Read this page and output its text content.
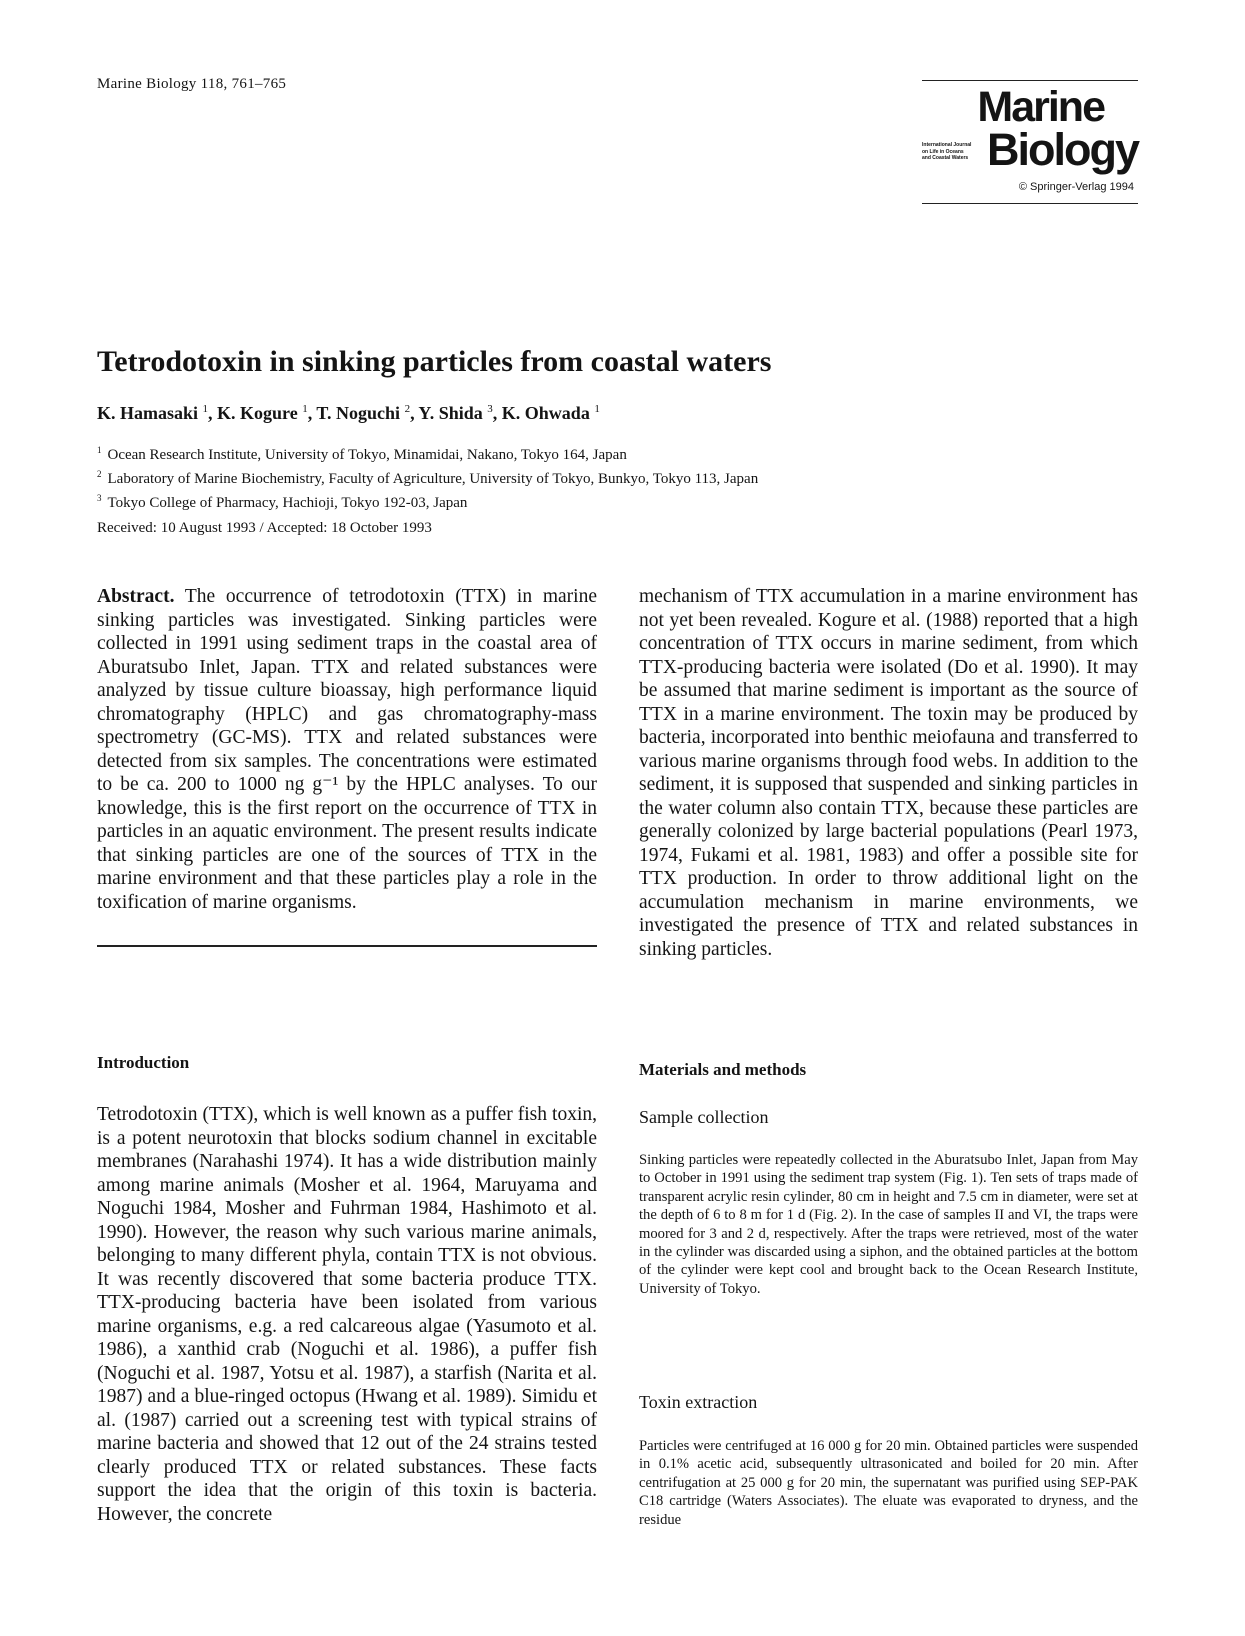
Marine Biology 118, 761–765	Marine
International Journal
on Life in Oceans
and Coastal Waters Biology
© Springer-Verlag 1994
Tetrodotoxin in sinking particles from coastal waters
K. Hamasaki $^1$, K. Kogure $^1$, T. Noguchi $^2$, Y. Shida $^3$, K. Ohwada $^1$
$^1$ Ocean Research Institute, University of Tokyo, Minamidai, Nakano, Tokyo 164, Japan
$^2$ Laboratory of Marine Biochemistry, Faculty of Agriculture, University of Tokyo, Bunkyo, Tokyo 113, Japan
$^3$ Tokyo College of Pharmacy, Hachioji, Tokyo 192-03, Japan
Received: 10 August 1993 / Accepted: 18 October 1993

Abstract. The occurrence of tetrodotoxin (TTX) in marine sinking particles was investigated. Sinking particles were collected in 1991 using sediment traps in the coastal area of Aburatsubo Inlet, Japan. TTX and related substances were analyzed by tissue culture bioassay, high performance liquid chromatography (HPLC) and gas chromatography-mass spectrometry (GC-MS). TTX and related substances were detected from six samples. The concentrations were estimated to be ca. 200 to 1000 ng g⁻¹ by the HPLC analyses. To our knowledge, this is the first report on the occurrence of TTX in particles in an aquatic environment. The present results indicate that sinking particles are one of the sources of TTX in the marine environment and that these particles play a role in the toxification of marine organisms.

mechanism of TTX accumulation in a marine environment has not yet been revealed. Kogure et al. (1988) reported that a high concentration of TTX occurs in marine sediment, from which TTX-producing bacteria were isolated (Do et al. 1990). It may be assumed that marine sediment is important as the source of TTX in a marine environment. The toxin may be produced by bacteria, incorporated into benthic meiofauna and transferred to various marine organisms through food webs. In addition to the sediment, it is supposed that suspended and sinking particles in the water column also contain TTX, because these particles are generally colonized by large bacterial populations (Pearl 1973, 1974, Fukami et al. 1981, 1983) and offer a possible site for TTX production. In order to throw additional light on the accumulation mechanism in marine environments, we investigated the presence of TTX and related substances in sinking particles.

Introduction

Tetrodotoxin (TTX), which is well known as a puffer fish toxin, is a potent neurotoxin that blocks sodium channel in excitable membranes (Narahashi 1974). It has a wide distribution mainly among marine animals (Mosher et al. 1964, Maruyama and Noguchi 1984, Mosher and Fuhrman 1984, Hashimoto et al. 1990). However, the reason why such various marine animals, belonging to many different phyla, contain TTX is not obvious. It was recently discovered that some bacteria produce TTX. TTX-producing bacteria have been isolated from various marine organisms, e.g. a red calcareous algae (Yasumoto et al. 1986), a xanthid crab (Noguchi et al. 1986), a puffer fish (Noguchi et al. 1987, Yotsu et al. 1987), a starfish (Narita et al. 1987) and a blue-ringed octopus (Hwang et al. 1989). Simidu et al. (1987) carried out a screening test with typical strains of marine bacteria and showed that 12 out of the 24 strains tested clearly produced TTX or related substances. These facts support the idea that the origin of this toxin is bacteria. However, the concrete

Materials and methods
Sample collection

Sinking particles were repeatedly collected in the Aburatsubo Inlet, Japan from May to October in 1991 using the sediment trap system (Fig. 1). Ten sets of traps made of transparent acrylic resin cylinder, 80 cm in height and 7.5 cm in diameter, were set at the depth of 6 to 8 m for 1 d (Fig. 2). In the case of samples II and VI, the traps were moored for 3 and 2 d, respectively. After the traps were retrieved, most of the water in the cylinder was discarded using a siphon, and the obtained particles at the bottom of the cylinder were kept cool and brought back to the Ocean Research Institute, University of Tokyo.

Toxin extraction

Particles were centrifuged at 16 000 g for 20 min. Obtained particles were suspended in 0.1% acetic acid, subsequently ultrasonicated and boiled for 20 min. After centrifugation at 25 000 g for 20 min, the supernatant was purified using SEP-PAK C18 cartridge (Waters Associates). The eluate was evaporated to dryness, and the residue
